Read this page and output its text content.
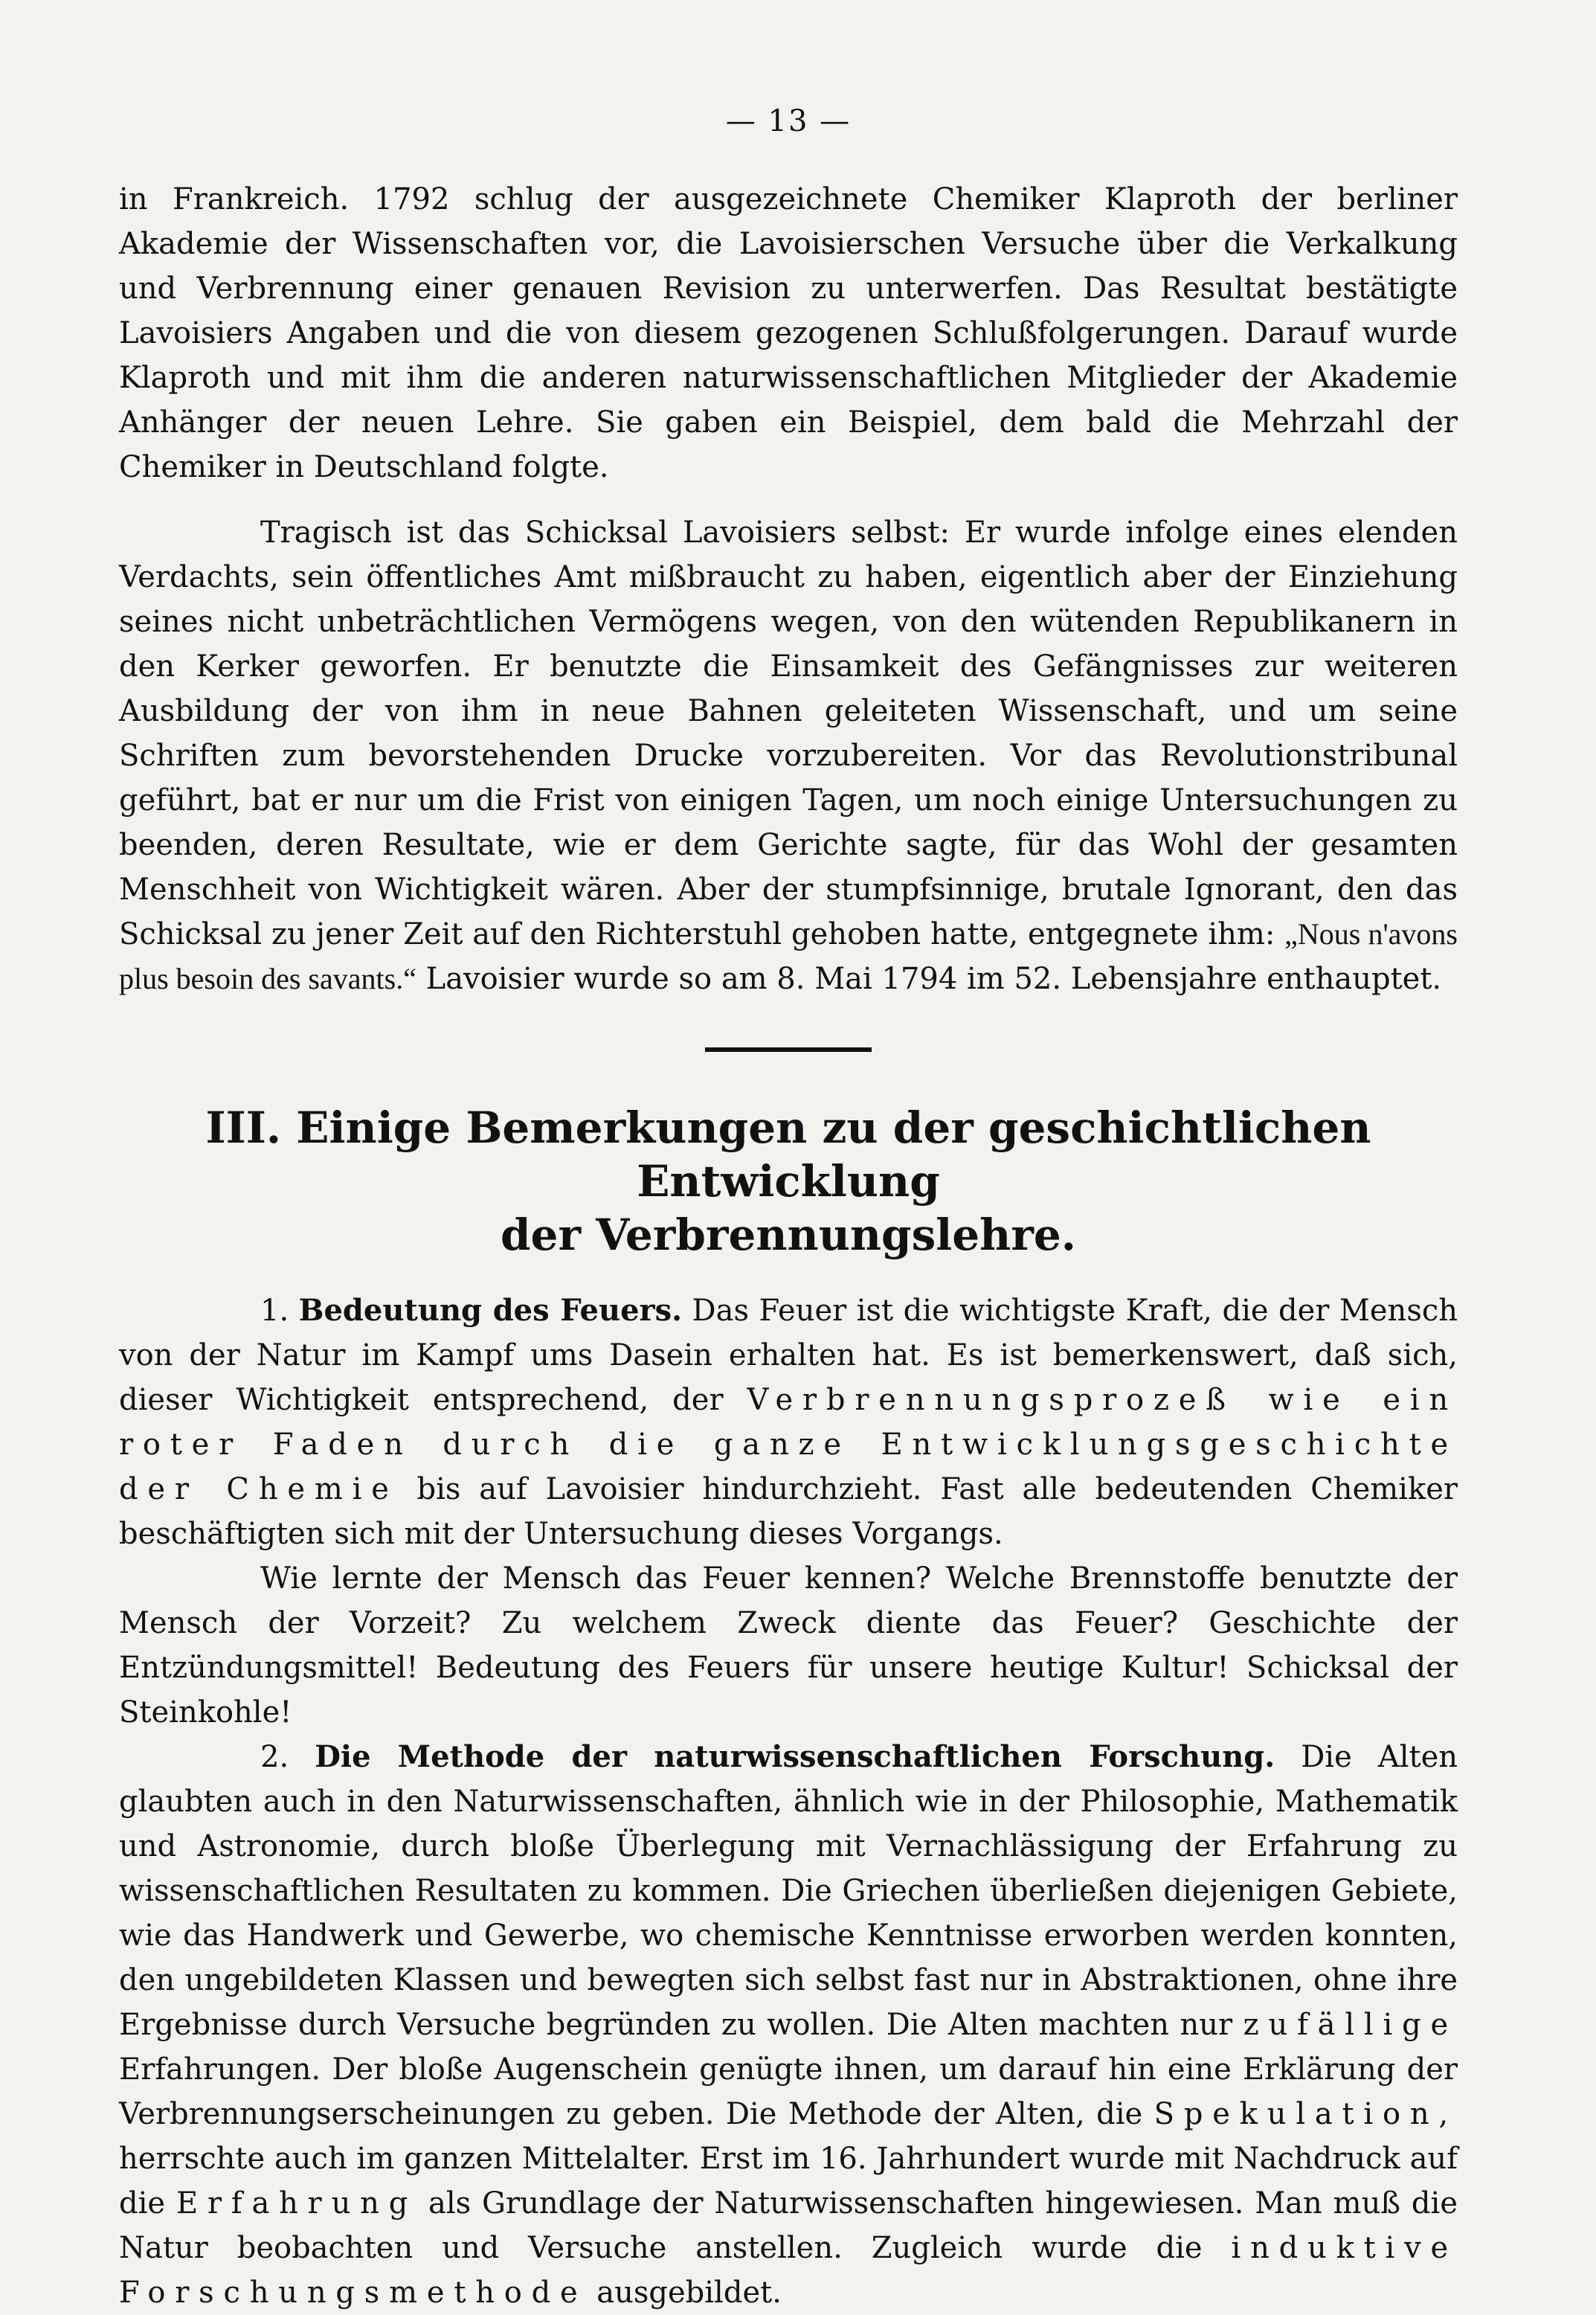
— 13 —

in Frankreich. 1792 schlug der ausgezeichnete Chemiker Klaproth der berliner Akademie der Wissenschaften vor, die Lavoisierschen Versuche über die Verkalkung und Verbrennung einer genauen Revision zu unterwerfen. Das Resultat bestätigte Lavoisiers Angaben und die von diesem gezogenen Schlußfolgerungen. Darauf wurde Klaproth und mit ihm die anderen naturwissenschaftlichen Mitglieder der Akademie Anhänger der neuen Lehre. Sie gaben ein Beispiel, dem bald die Mehrzahl der Chemiker in Deutschland folgte.

Tragisch ist das Schicksal Lavoisiers selbst: Er wurde infolge eines elenden Verdachts, sein öffentliches Amt mißbraucht zu haben, eigentlich aber der Einziehung seines nicht unbeträchtlichen Vermögens wegen, von den wütenden Republikanern in den Kerker geworfen. Er benutzte die Einsamkeit des Gefängnisses zur weiteren Ausbildung der von ihm in neue Bahnen geleiteten Wissenschaft, und um seine Schriften zum bevorstehenden Drucke vorzubereiten. Vor das Revolutionstribunal geführt, bat er nur um die Frist von einigen Tagen, um noch einige Untersuchungen zu beenden, deren Resultate, wie er dem Gerichte sagte, für das Wohl der gesamten Menschheit von Wichtigkeit wären. Aber der stumpfsinnige, brutale Ignorant, den das Schicksal zu jener Zeit auf den Richterstuhl gehoben hatte, entgegnete ihm: „Nous n'avons plus besoin des savants.“ Lavoisier wurde so am 8. Mai 1794 im 52. Lebensjahre enthauptet.

III. Einige Bemerkungen zu der geschichtlichen Entwicklung
der Verbrennungslehre.

1. Bedeutung des Feuers. Das Feuer ist die wichtigste Kraft, die der Mensch von der Natur im Kampf ums Dasein erhalten hat. Es ist bemerkenswert, daß sich, dieser Wichtigkeit entsprechend, der Verbrennungsprozeß wie ein roter Faden durch die ganze Entwicklungsgeschichte der Chemie bis auf Lavoisier hindurchzieht. Fast alle bedeutenden Chemiker beschäftigten sich mit der Untersuchung dieses Vorgangs.

Wie lernte der Mensch das Feuer kennen? Welche Brennstoffe benutzte der Mensch der Vorzeit? Zu welchem Zweck diente das Feuer? Geschichte der Entzündungsmittel! Bedeutung des Feuers für unsere heutige Kultur! Schicksal der Steinkohle!

2. Die Methode der naturwissenschaftlichen Forschung. Die Alten glaubten auch in den Naturwissenschaften, ähnlich wie in der Philosophie, Mathematik und Astronomie, durch bloße Überlegung mit Vernachlässigung der Erfahrung zu wissenschaftlichen Resultaten zu kommen. Die Griechen überließen diejenigen Gebiete, wie das Handwerk und Gewerbe, wo chemische Kenntnisse erworben werden konnten, den ungebildeten Klassen und bewegten sich selbst fast nur in Abstraktionen, ohne ihre Ergebnisse durch Versuche begründen zu wollen. Die Alten machten nur zufällige Erfahrungen. Der bloße Augenschein genügte ihnen, um darauf hin eine Erklärung der Verbrennungserscheinungen zu geben. Die Methode der Alten, die Spekulation, herrschte auch im ganzen Mittelalter. Erst im 16. Jahrhundert wurde mit Nachdruck auf die Erfahrung als Grundlage der Naturwissenschaften hingewiesen. Man muß die Natur beobachten und Versuche anstellen. Zugleich wurde die induktive Forschungsmethode ausgebildet.
